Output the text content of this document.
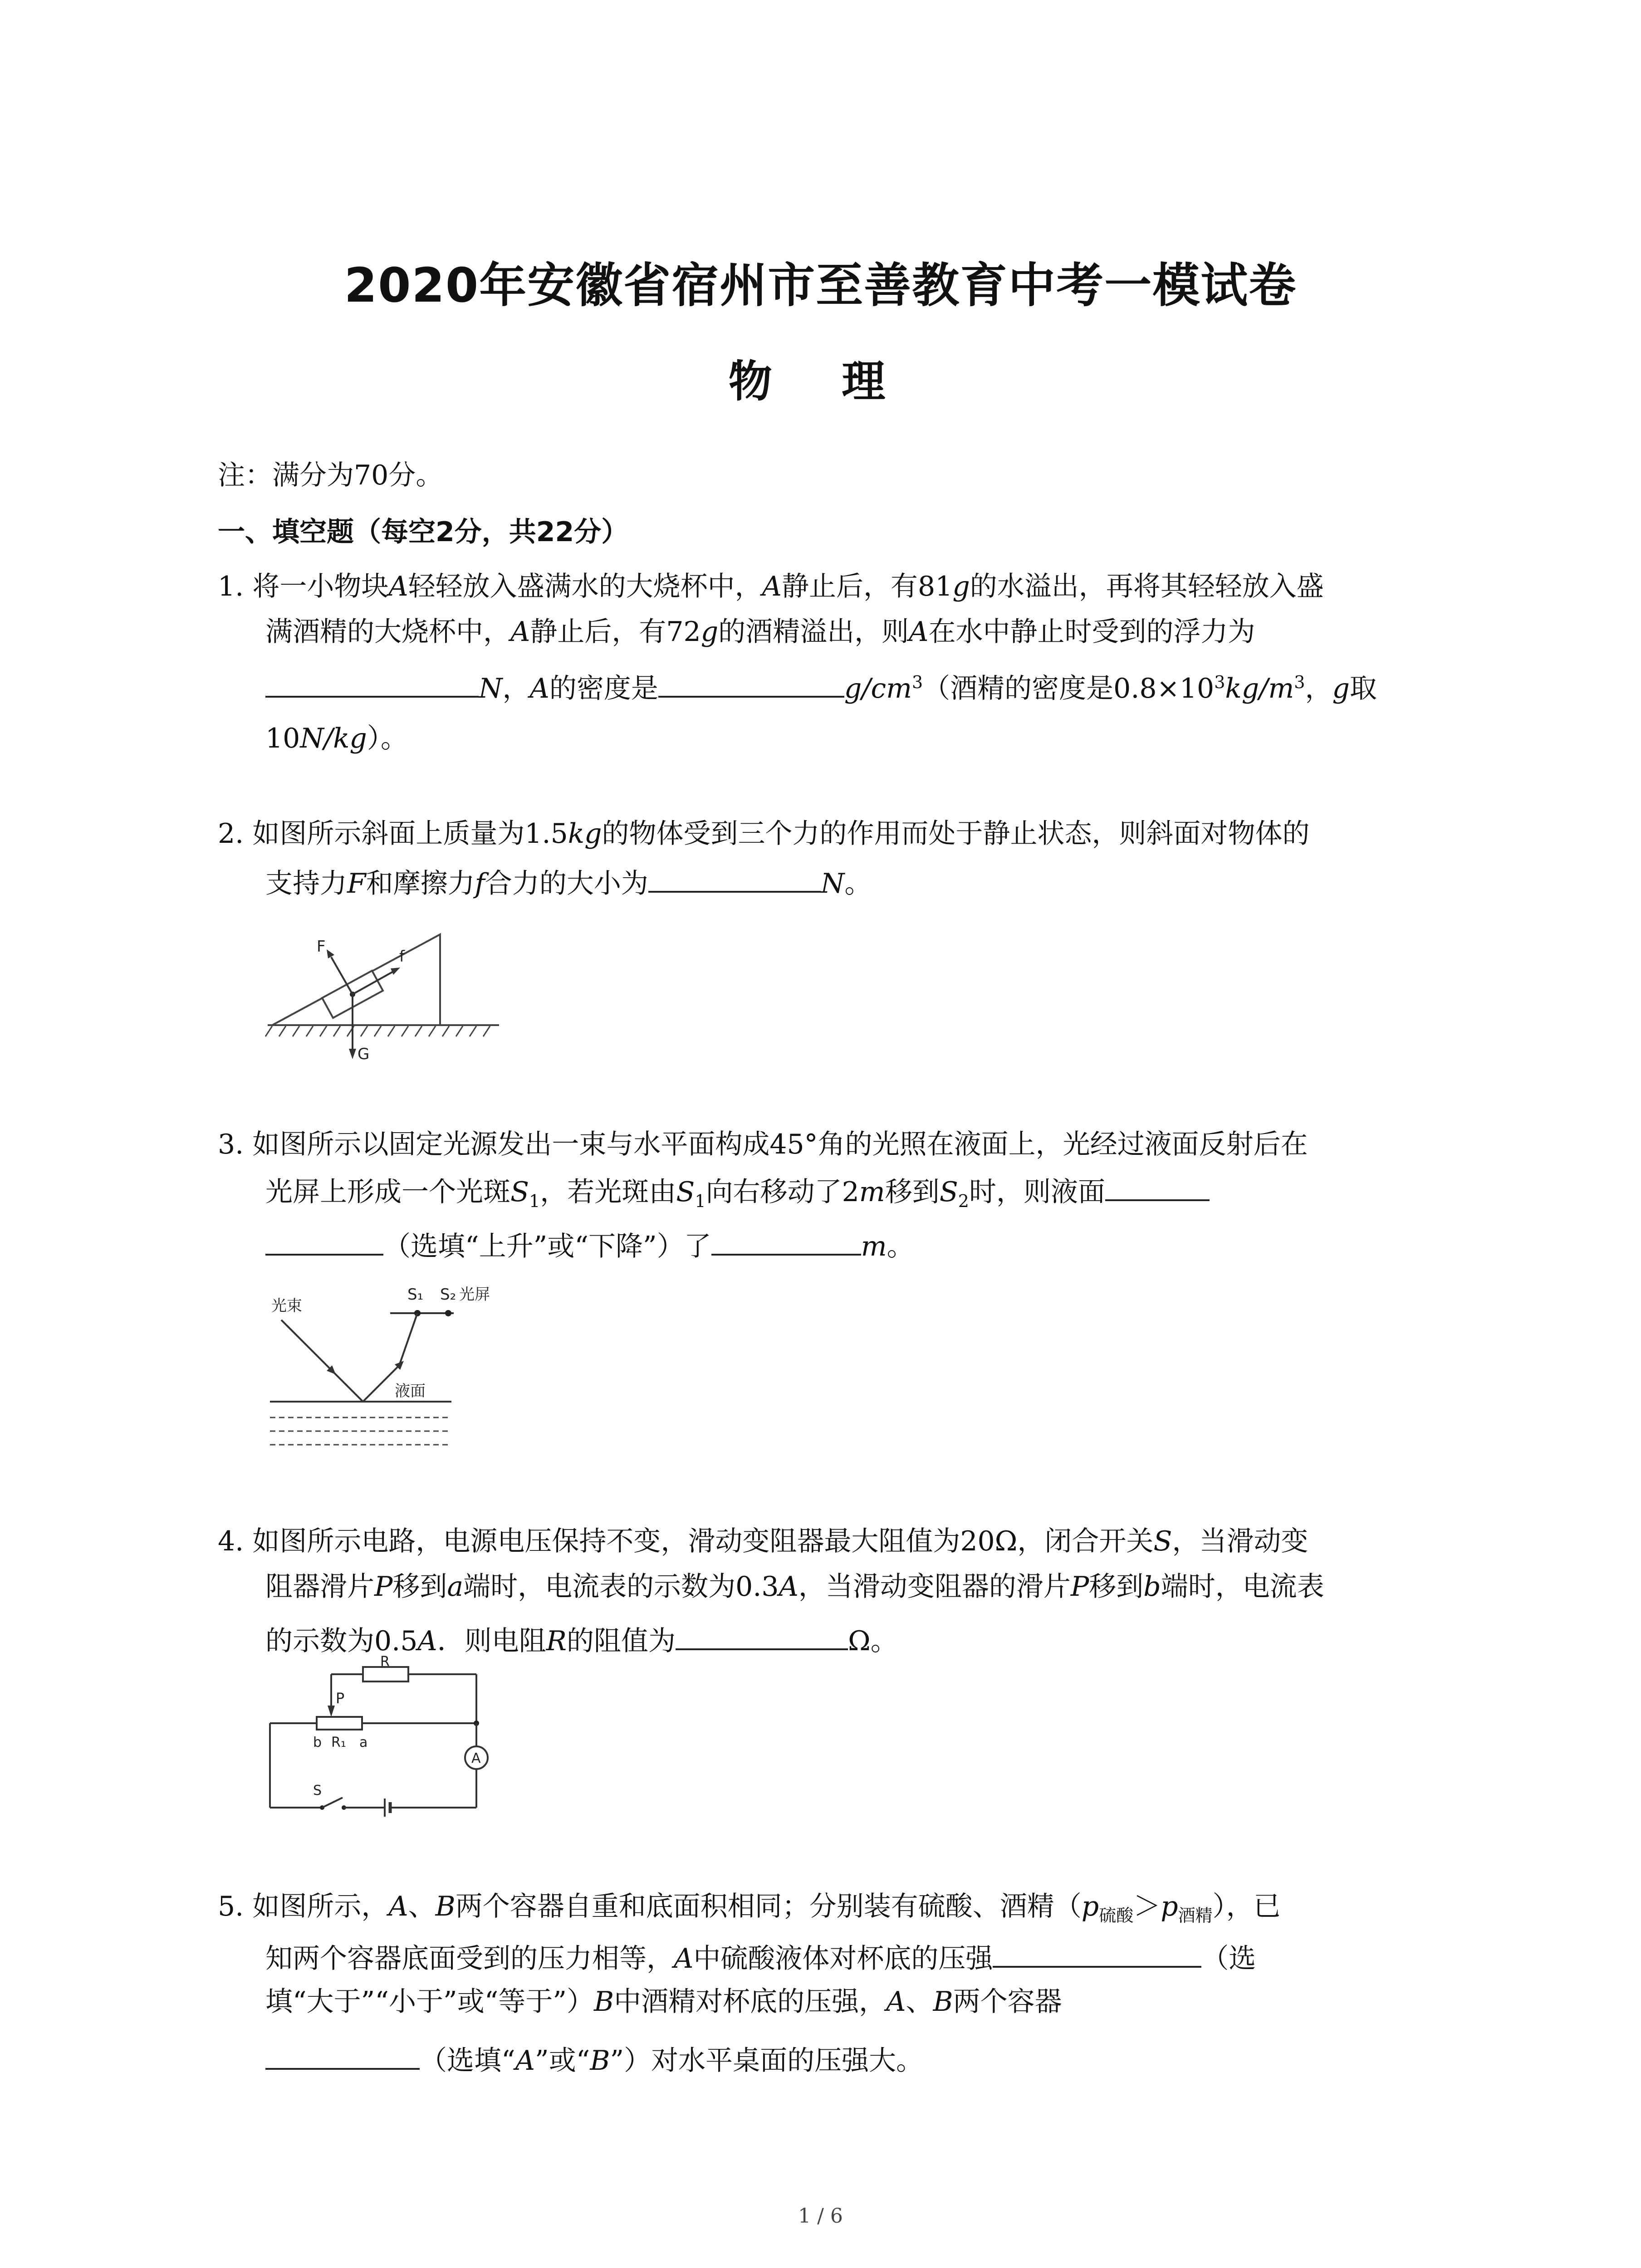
2020年安徽省宿州市至善教育中考一模试卷
物 理
注：满分为70分。
一、填空题（每空2分，共22分）
1. 将一小物块A轻轻放入盛满水的大烧杯中，A静止后，有81g的水溢出，再将其轻轻放入盛
满酒精的大烧杯中，A静止后，有72g的酒精溢出，则A在水中静止时受到的浮力为
N，A的密度是	$g/cm^3$（酒精的密度是$0.8\times 10^3kg/m^3$，g取
10N/kg）。
2. 如图所示斜面上质量为1.5kg的物体受到三个力的作用而处于静止状态，则斜面对物体的
支持力F和摩擦力f合力的大小为	N。
F
f
G
3. 如图所示以固定光源发出一束与水平面构成45°角的光照在液面上，光经过液面反射后在
光屏上形成一个光斑$S_1$，若光斑由$S_1$向右移动了2m移到$S_2$时，则液面
（选填“上升”或“下降”）了	m。
S₁ S₂ 光屏
光束
液面
4. 如图所示电路，电源电压保持不变，滑动变阻器最大阻值为20Ω，闭合开关S，当滑动变
阻器滑片P移到a端时，电流表的示数为0.3A，当滑动变阻器的滑片P移到b端时，电流表
的示数为0.5A．则电阻R的阻值为	Ω。
R
P
b R₁ a
A
S
5. 如图所示，A、B两个容器自重和底面积相同；分别装有硫酸、酒精$(p_{硫酸}>p_{酒精})$，已
知两个容器底面受到的压力相等，A中硫酸液体对杯底的压强	（选
填“大于”“小于”或“等于”）B中酒精对杯底的压强，A、B两个容器
（选填“A”或“B”）对水平桌面的压强大。
1 / 6
